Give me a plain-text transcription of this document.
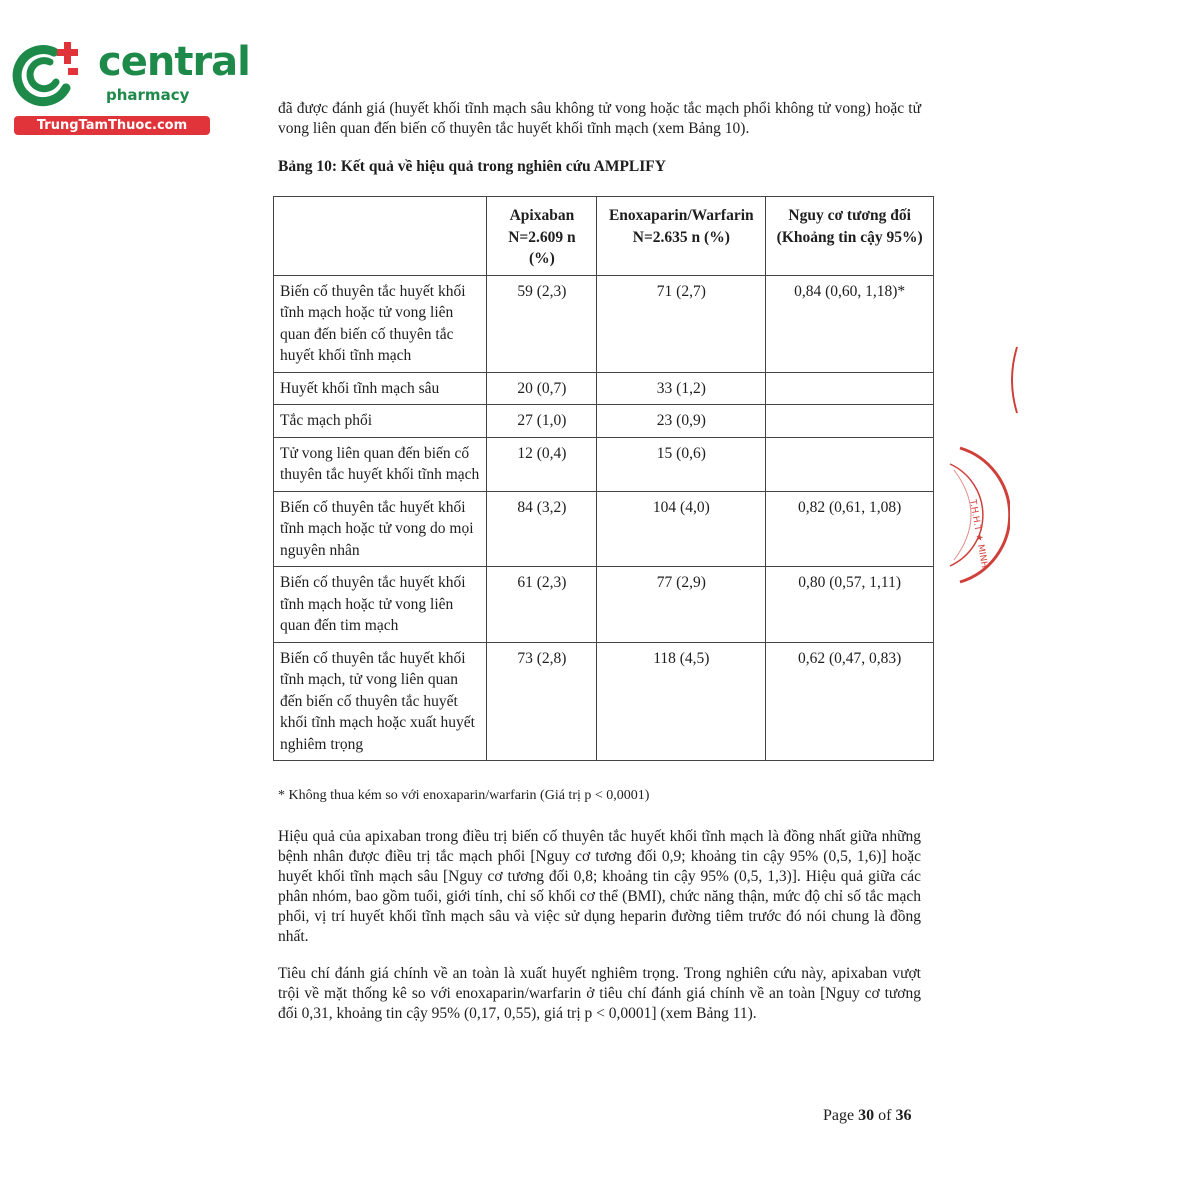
central
pharmacy
TrungTamThuoc.com

đã được đánh giá (huyết khối tĩnh mạch sâu không tử vong hoặc tắc mạch phổi không tử vong) hoặc tử vong liên quan đến biến cố thuyên tắc huyết khối tĩnh mạch (xem Bảng 10).

Bảng 10: Kết quả về hiệu quả trong nghiên cứu AMPLIFY

	Apixaban N=2.609 n (%)	Enoxaparin/Warfarin N=2.635 n (%)	Nguy cơ tương đối (Khoảng tin cậy 95%)
Biến cố thuyên tắc huyết khối tĩnh mạch hoặc tử vong liên quan đến biến cố thuyên tắc huyết khối tĩnh mạch	59 (2,3)	71 (2,7)	0,84 (0,60, 1,18)*
Huyết khối tĩnh mạch sâu	20 (0,7)	33 (1,2)	
Tắc mạch phổi	27 (1,0)	23 (0,9)	
Tử vong liên quan đến biến cố thuyên tắc huyết khối tĩnh mạch	12 (0,4)	15 (0,6)	
Biến cố thuyên tắc huyết khối tĩnh mạch hoặc tử vong do mọi nguyên nhân	84 (3,2)	104 (4,0)	0,82 (0,61, 1,08)
Biến cố thuyên tắc huyết khối tĩnh mạch hoặc tử vong liên quan đến tim mạch	61 (2,3)	77 (2,9)	0,80 (0,57, 1,11)
Biến cố thuyên tắc huyết khối tĩnh mạch, tử vong liên quan đến biến cố thuyên tắc huyết khối tĩnh mạch hoặc xuất huyết nghiêm trọng	73 (2,8)	118 (4,5)	0,62 (0,47, 0,83)

* Không thua kém so với enoxaparin/warfarin (Giá trị p < 0,0001)

Hiệu quả của apixaban trong điều trị biến cố thuyên tắc huyết khối tĩnh mạch là đồng nhất giữa những bệnh nhân được điều trị tắc mạch phổi [Nguy cơ tương đối 0,9; khoảng tin cậy 95% (0,5, 1,6)] hoặc huyết khối tĩnh mạch sâu [Nguy cơ tương đối 0,8; khoảng tin cậy 95% (0,5, 1,3)]. Hiệu quả giữa các phân nhóm, bao gồm tuổi, giới tính, chỉ số khối cơ thể (BMI), chức năng thận, mức độ chỉ số tắc mạch phổi, vị trí huyết khối tĩnh mạch sâu và việc sử dụng heparin đường tiêm trước đó nói chung là đồng nhất.

Tiêu chí đánh giá chính về an toàn là xuất huyết nghiêm trọng. Trong nghiên cứu này, apixaban vượt trội về mặt thống kê so với enoxaparin/warfarin ở tiêu chí đánh giá chính về an toàn [Nguy cơ tương đối 0,31, khoảng tin cậy 95% (0,17, 0,55), giá trị p < 0,0001] (xem Bảng 11).

Page 30 of 36
T.H.H.T ★ MINH
